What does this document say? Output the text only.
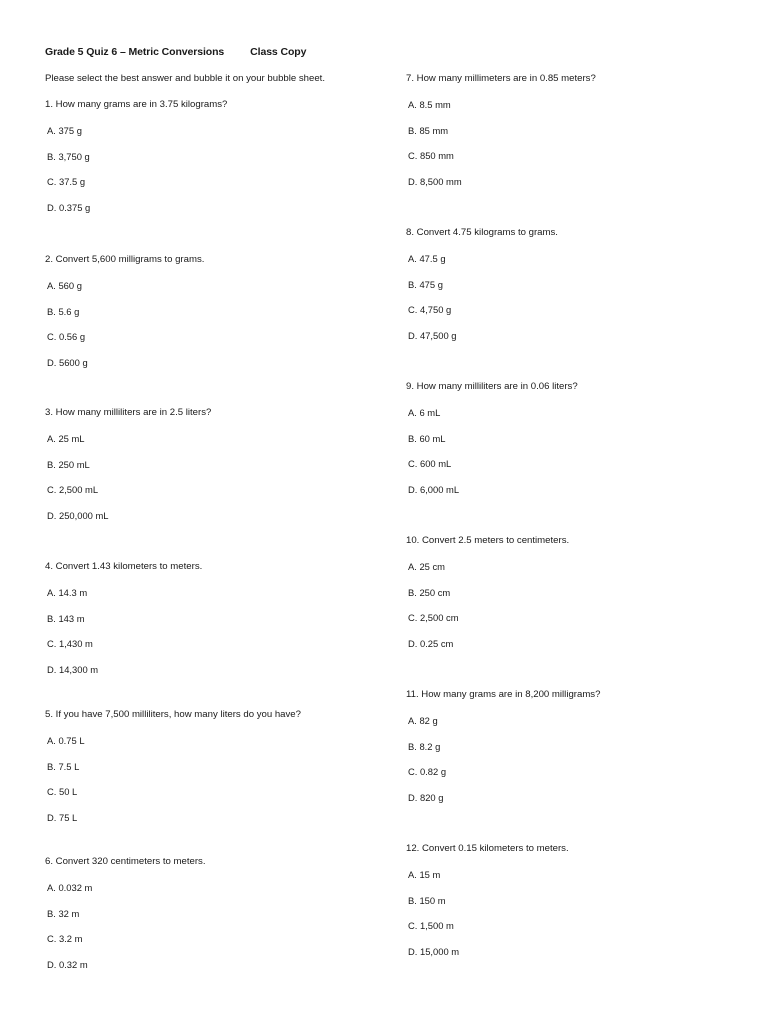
Grade 5 Quiz 6 – Metric Conversions Class Copy
Please select the best answer and bubble it on your bubble sheet.
1. How many grams are in 3.75 kilograms?
A. 375 g
B. 3,750 g
C. 37.5 g
D. 0.375 g
2. Convert 5,600 milligrams to grams.
A. 560 g
B. 5.6 g
C. 0.56 g
D. 5600 g
3. How many milliliters are in 2.5 liters?
A. 25 mL
B. 250 mL
C. 2,500 mL
D. 250,000 mL
4. Convert 1.43 kilometers to meters.
A. 14.3 m
B. 143 m
C. 1,430 m
D. 14,300 m
5. If you have 7,500 milliliters, how many liters do you have?
A. 0.75 L
B. 7.5 L
C. 50 L
D. 75 L
6. Convert 320 centimeters to meters.
A. 0.032 m
B. 32 m
C. 3.2 m
D. 0.32 m
7. How many millimeters are in 0.85 meters?
A. 8.5 mm
B. 85 mm
C. 850 mm
D. 8,500 mm
8. Convert 4.75 kilograms to grams.
A. 47.5 g
B. 475 g
C. 4,750 g
D. 47,500 g
9. How many milliliters are in 0.06 liters?
A. 6 mL
B. 60 mL
C. 600 mL
D. 6,000 mL
10. Convert 2.5 meters to centimeters.
A. 25 cm
B. 250 cm
C. 2,500 cm
D. 0.25 cm
11. How many grams are in 8,200 milligrams?
A. 82 g
B. 8.2 g
C. 0.82 g
D. 820 g
12. Convert 0.15 kilometers to meters.
A. 15 m
B. 150 m
C. 1,500 m
D. 15,000 m
